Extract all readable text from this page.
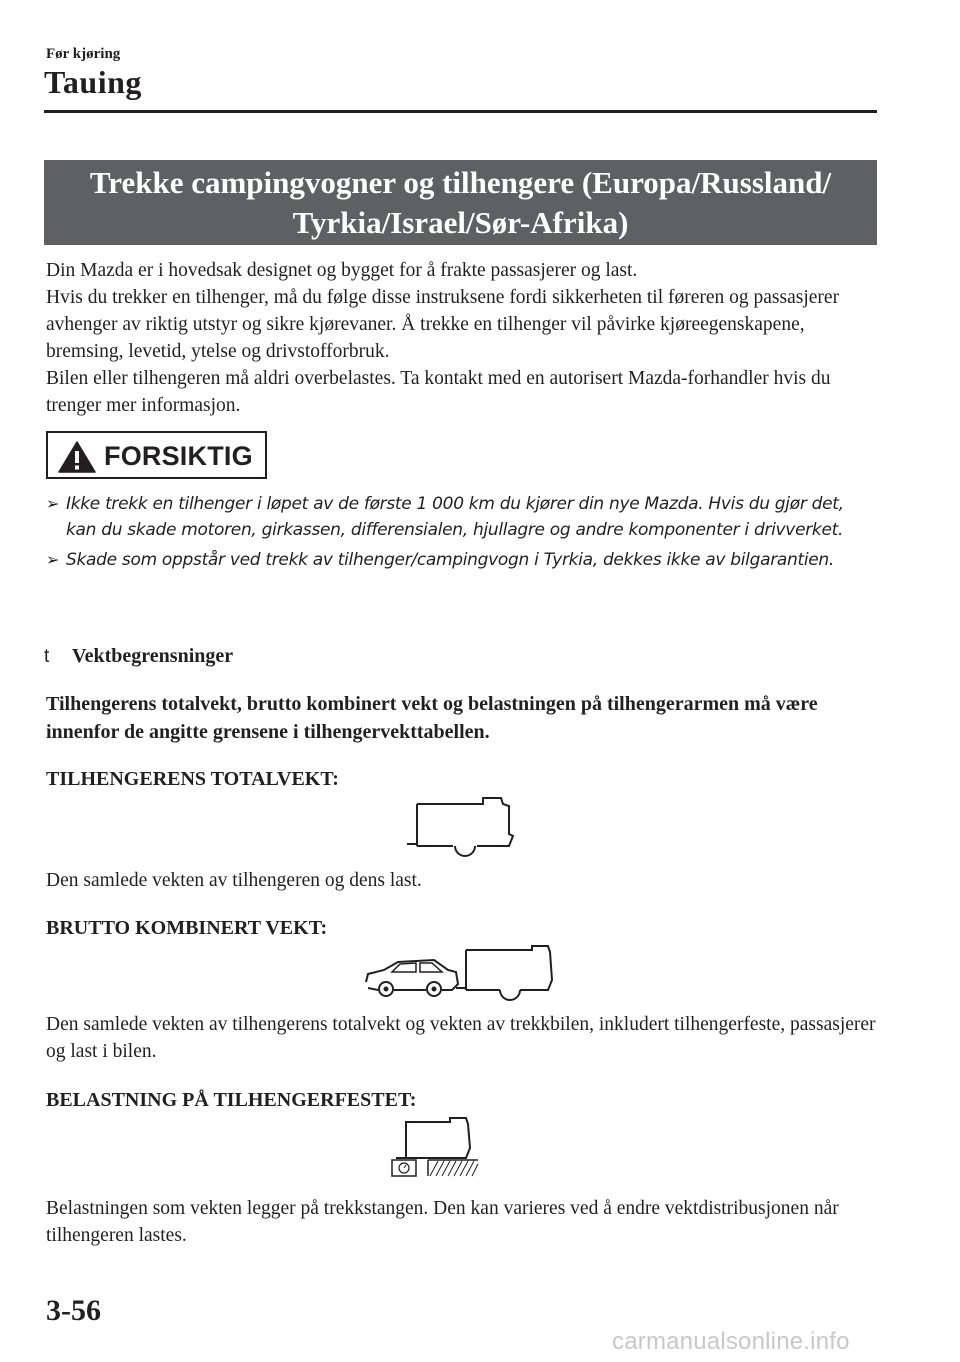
Før kjøring
Tauing
Trekke campingvogner og tilhengere (Europa/Russland/
Tyrkia/Israel/Sør-Afrika)

Din Mazda er i hovedsak designet og bygget for å frakte passasjerer og last.

Hvis du trekker en tilhenger, må du følge disse instruksene fordi sikkerheten til føreren og passasjerer avhenger av riktig utstyr og sikre kjørevaner. Å trekke en tilhenger vil påvirke kjøreegenskapene, bremsing, levetid, ytelse og drivstofforbruk.

Bilen eller tilhengeren må aldri overbelastes. Ta kontakt med en autorisert Mazda-forhandler hvis du trenger mer informasjon.

FORSIKTIG
➢ Ikke trekk en tilhenger i løpet av de første 1 000 km du kjører din nye Mazda. Hvis du gjør det, kan du skade motoren, girkassen, differensialen, hjullagre og andre komponenter i drivverket.
➢ Skade som oppstår ved trekk av tilhenger/campingvogn i Tyrkia, dekkes ikke av bilgarantien.
t Vektbegrensninger
Tilhengerens totalvekt, brutto kombinert vekt og belastningen på tilhengerarmen må være innenfor de angitte grensene i tilhengervekttabellen.
TILHENGERENS TOTALVEKT:
Den samlede vekten av tilhengeren og dens last.
BRUTTO KOMBINERT VEKT:
Den samlede vekten av tilhengerens totalvekt og vekten av trekkbilen, inkludert tilhengerfeste, passasjerer og last i bilen.
BELASTNING PÅ TILHENGERFESTET:
Belastningen som vekten legger på trekkstangen. Den kan varieres ved å endre vektdistribusjonen når tilhengeren lastes.
3-56
carmanualsonline.info
